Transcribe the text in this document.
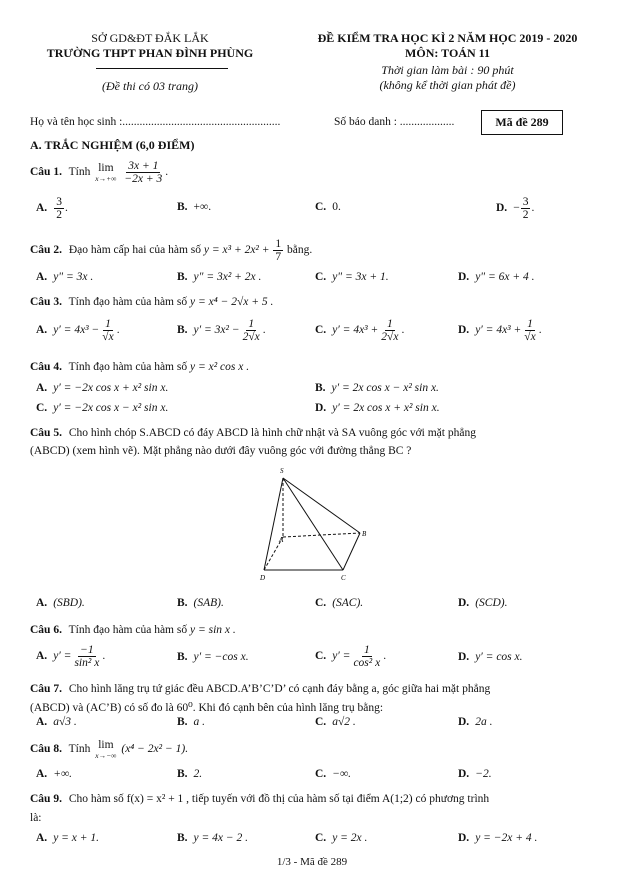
SỞ GD&ĐT ĐẮK LẮK
TRƯỜNG THPT PHAN ĐÌNH PHÙNG
(Đề thi có 03 trang)
ĐỀ KIỂM TRA HỌC KÌ 2 NĂM HỌC 2019 - 2020
MÔN: TOÁN 11
Thời gian làm bài : 90 phút
(không kể thời gian phát đề)
Họ và tên học sinh :.......................................................	Số báo danh : ...................	Mã đề 289
A. TRẮC NGHIỆM (6,0 ĐIỂM)
Câu 1. Tính lim
x→+∞
$\frac{3x + 1}{-2x + 3}$ .
A. $\frac{3}{2}$ .	B. +∞.	C. 0.	D. − $\frac{3}{2}$ .
Câu 2. Đạo hàm cấp hai của hàm số $y = x^3 + 2x^2 + \frac{1}{7}$ bằng.
A. y" = 3x .	B. y" = 3x² + 2x .	C. y" = 3x + 1.	D. y" = 6x + 4 .
Câu 3. Tính đạo hàm của hàm số y = x⁴ − 2√x + 5 .
A. $y' = 4x^3 - \frac{1}{√x}$ .	B. $y' = 3x^2 - \frac{1}{2√x}$ .	C. $y' = 4x^3 + \frac{1}{2√x}$ .	D. $y' = 4x^3 + \frac{1}{√x}$ .
Câu 4. Tính đạo hàm của hàm số y = x² cos x .
A. y′ = −2x cos x + x² sin x.	B. y′ = 2x cos x − x² sin x.
C. y′ = −2x cos x − x² sin x.	D. y′ = 2x cos x + x² sin x.
Câu 5. Cho hình chóp S.ABCD có đáy ABCD là hình chữ nhật và SA vuông góc với mặt phẳng
(ABCD) (xem hình vẽ). Mặt phẳng nào dưới đây vuông góc với đường thẳng BC ?
S
A
B
C
D
A. (SBD).	B. (SAB).	C. (SAC).	D. (SCD).
Câu 6. Tính đạo hàm của hàm số y = sin x .
A. $y' = \frac{-1}{\text{sin² x}}$ .	B. y′ = −cos x.	C. $y' = \frac{1}{\text{cos² x}}$ .	D. y′ = cos x.
Câu 7. Cho hình lăng trụ tứ giác đều ABCD.A’B’C’D’ có cạnh đáy bằng a, góc giữa hai mặt phẳng
(ABCD) và (AC’B) có số đo là 60⁰. Khi đó cạnh bên của hình lăng trụ bằng:
A. a√3 .	B. a .	C. a√2 .	D. 2a .
Câu 8. Tính lim
x→−∞ (x⁴ − 2x² − 1).
A. +∞.	B. 2.	C. −∞.	D. −2.
Câu 9. Cho hàm số f(x) = x² + 1 , tiếp tuyến với đồ thị của hàm số tại điểm A(1;2) có phương trình
là:
A. y = x + 1.	B. y = 4x − 2 .	C. y = 2x .	D. y = −2x + 4 .
1/3 - Mã đề 289
